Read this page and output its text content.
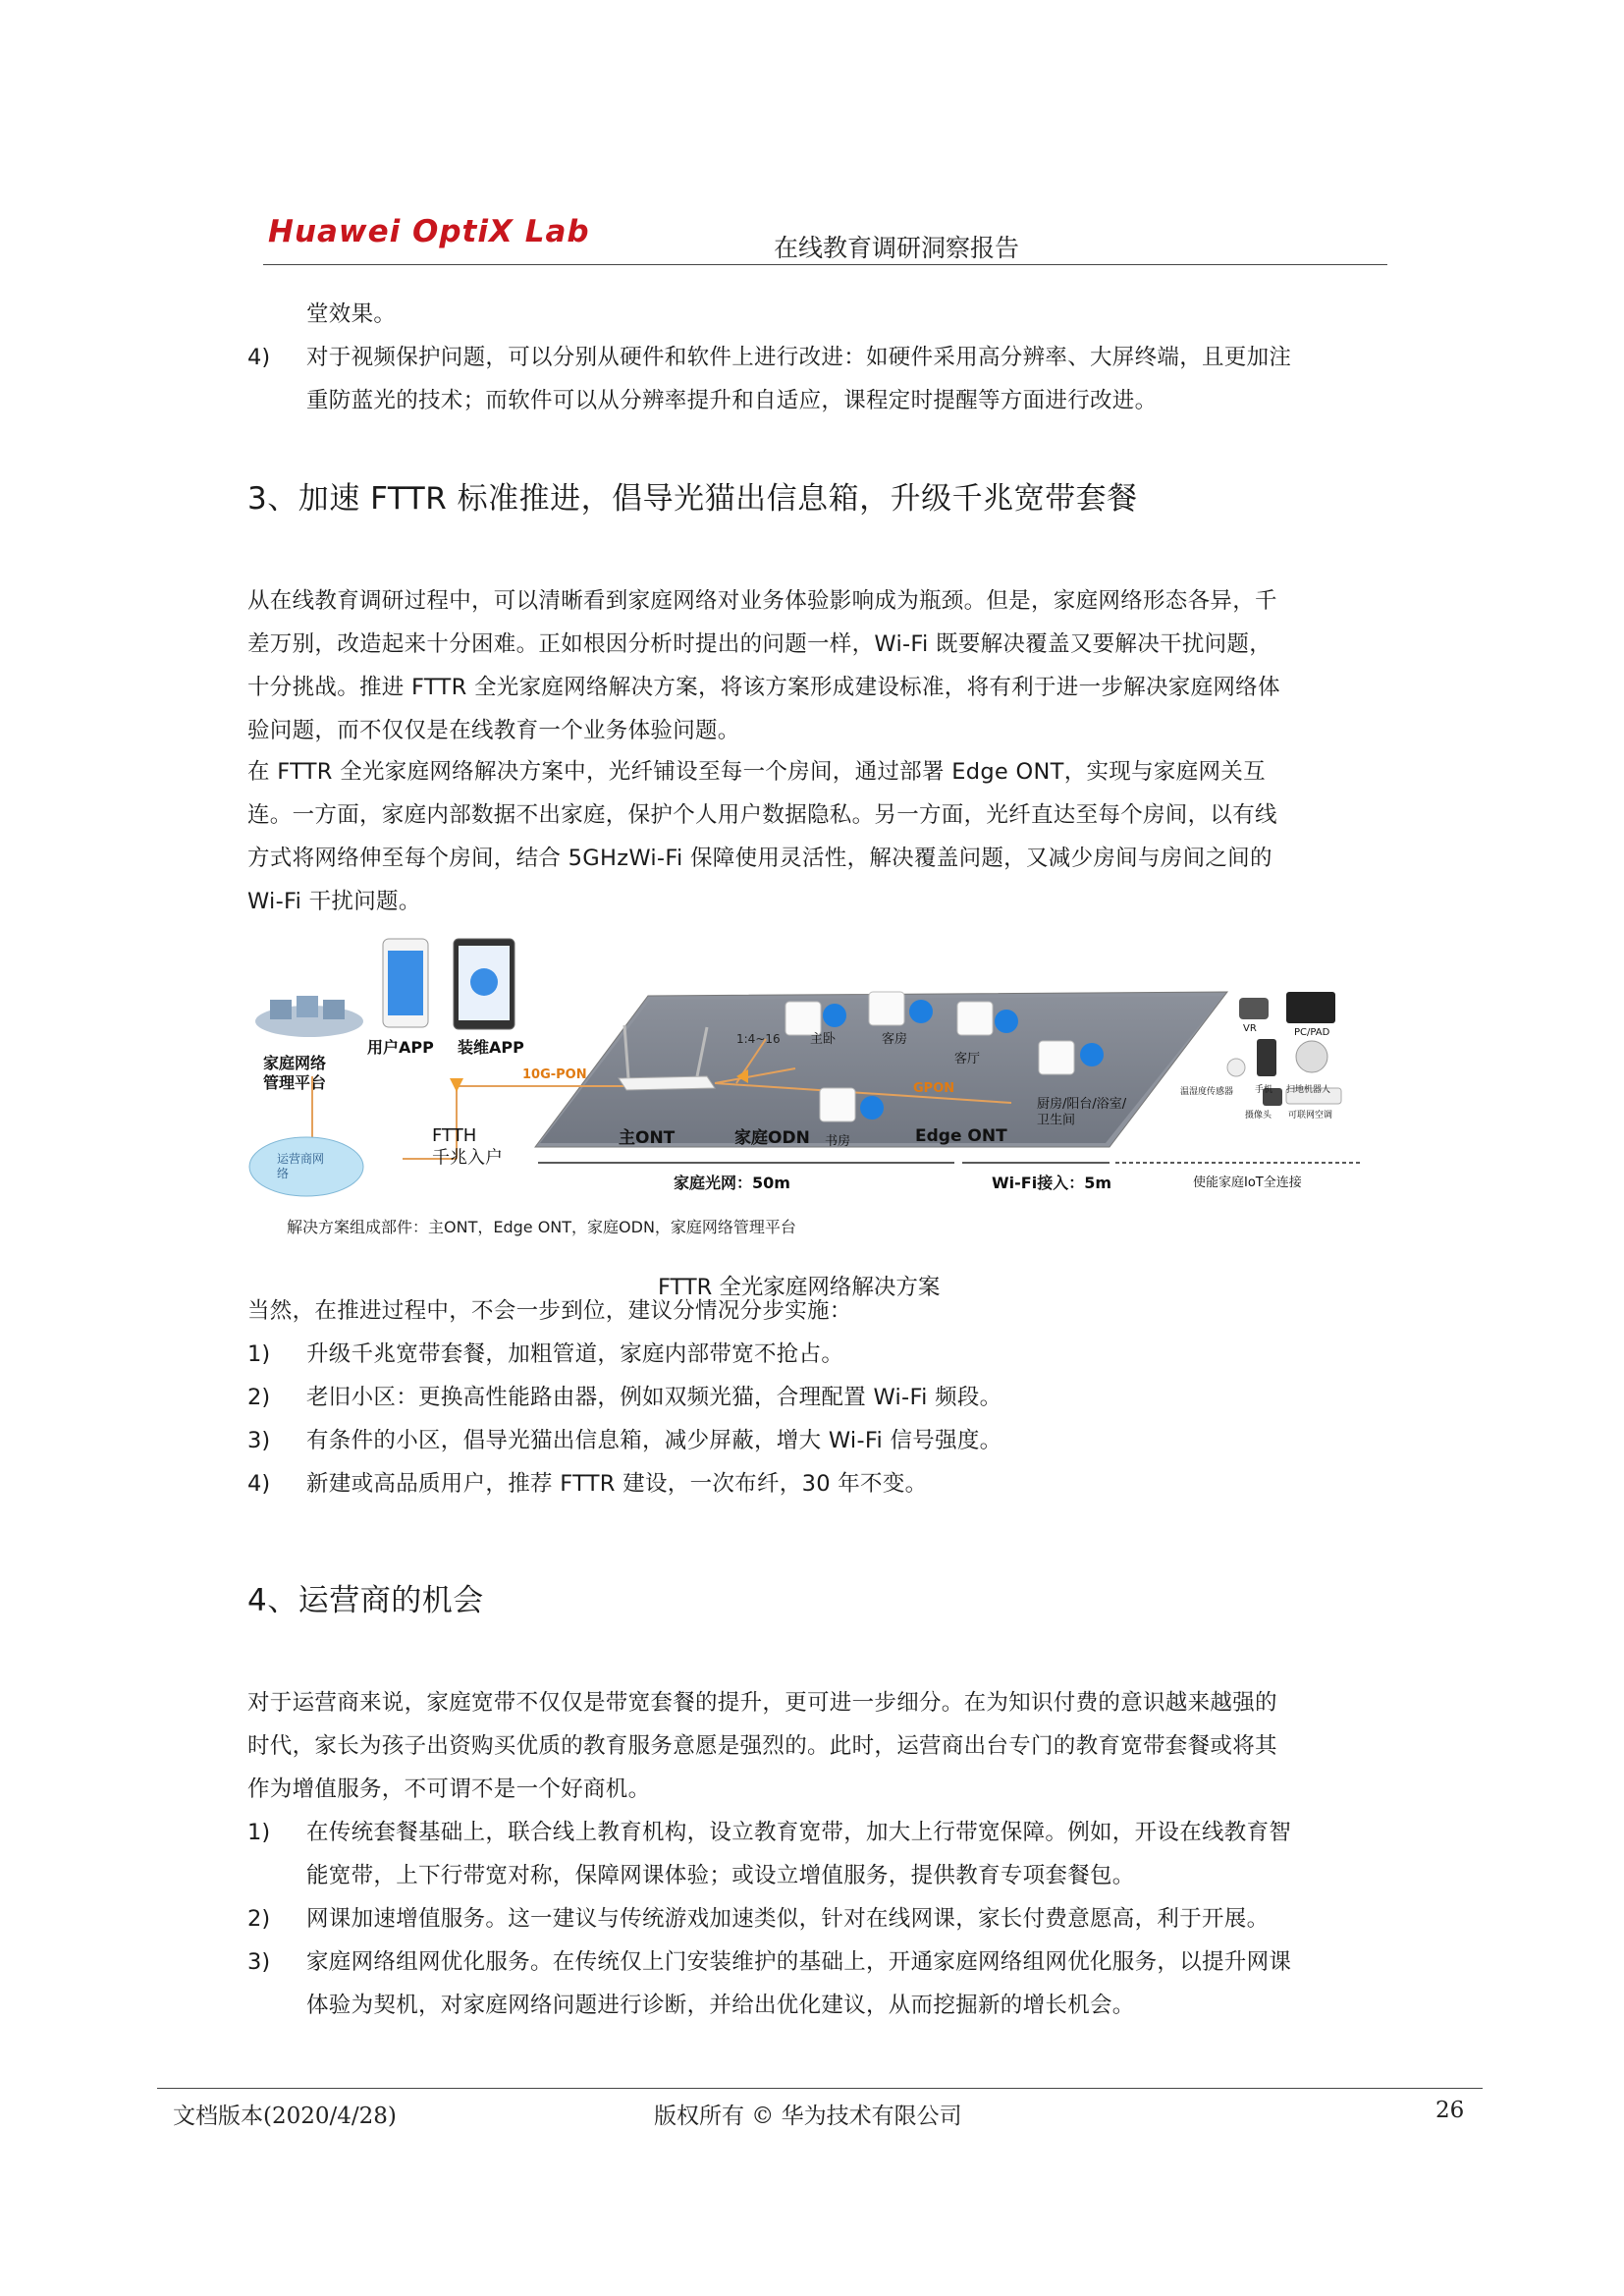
Huawei OptiX Lab	在线教育调研洞察报告
堂效果。
4) 对于视频保护问题，可以分别从硬件和软件上进行改进：如硬件采用高分辨率、大屏终端，且更加注
重防蓝光的技术；而软件可以从分辨率提升和自适应，课程定时提醒等方面进行改进。
3、加速 FTTR 标准推进，倡导光猫出信息箱，升级千兆宽带套餐
从在线教育调研过程中，可以清晰看到家庭网络对业务体验影响成为瓶颈。但是，家庭网络形态各异，千
差万别，改造起来十分困难。正如根因分析时提出的问题一样，Wi-Fi 既要解决覆盖又要解决干扰问题，
十分挑战。推进 FTTR 全光家庭网络解决方案，将该方案形成建设标准，将有利于进一步解决家庭网络体
验问题，而不仅仅是在线教育一个业务体验问题。
在 FTTR 全光家庭网络解决方案中，光纤铺设至每一个房间，通过部署 Edge ONT，实现与家庭网关互
连。一方面，家庭内部数据不出家庭，保护个人用户数据隐私。另一方面，光纤直达至每个房间，以有线
方式将网络伸至每个房间，结合 5GHzWi-Fi 保障使用灵活性，解决覆盖问题，又减少房间与房间之间的
Wi-Fi 干扰问题。
家庭网络管理平台
用户APP 装维APP
10G-PON
运营商网络
FTTH 千兆入户
1:4~16
GPON
主卧	客房
客厅
书房
厨房/阳台/浴室/卫生间
主ONT	家庭ODN	Edge ONT
家庭光网：50m	Wi-Fi接入：5m	使能家庭IoT全连接
VR	PC/PAD
温湿度传感器 手机 扫地机器人
摄像头 可联网空调
解决方案组成部件：主ONT，Edge ONT，家庭ODN，家庭网络管理平台
FTTR 全光家庭网络解决方案
当然，在推进过程中，不会一步到位，建议分情况分步实施：
1) 升级千兆宽带套餐，加粗管道，家庭内部带宽不抢占。
2) 老旧小区：更换高性能路由器，例如双频光猫，合理配置 Wi-Fi 频段。
3) 有条件的小区，倡导光猫出信息箱，减少屏蔽，增大 Wi-Fi 信号强度。
4) 新建或高品质用户，推荐 FTTR 建设，一次布纤，30 年不变。
4、运营商的机会
对于运营商来说，家庭宽带不仅仅是带宽套餐的提升，更可进一步细分。在为知识付费的意识越来越强的
时代，家长为孩子出资购买优质的教育服务意愿是强烈的。此时，运营商出台专门的教育宽带套餐或将其
作为增值服务，不可谓不是一个好商机。
1) 在传统套餐基础上，联合线上教育机构，设立教育宽带，加大上行带宽保障。例如，开设在线教育智
能宽带，上下行带宽对称，保障网课体验；或设立增值服务，提供教育专项套餐包。
2) 网课加速增值服务。这一建议与传统游戏加速类似，针对在线网课，家长付费意愿高，利于开展。
3) 家庭网络组网优化服务。在传统仅上门安装维护的基础上，开通家庭网络组网优化服务，以提升网课
体验为契机，对家庭网络问题进行诊断，并给出优化建议，从而挖掘新的增长机会。
文档版本(2020/4/28)	版权所有 © 华为技术有限公司	26
